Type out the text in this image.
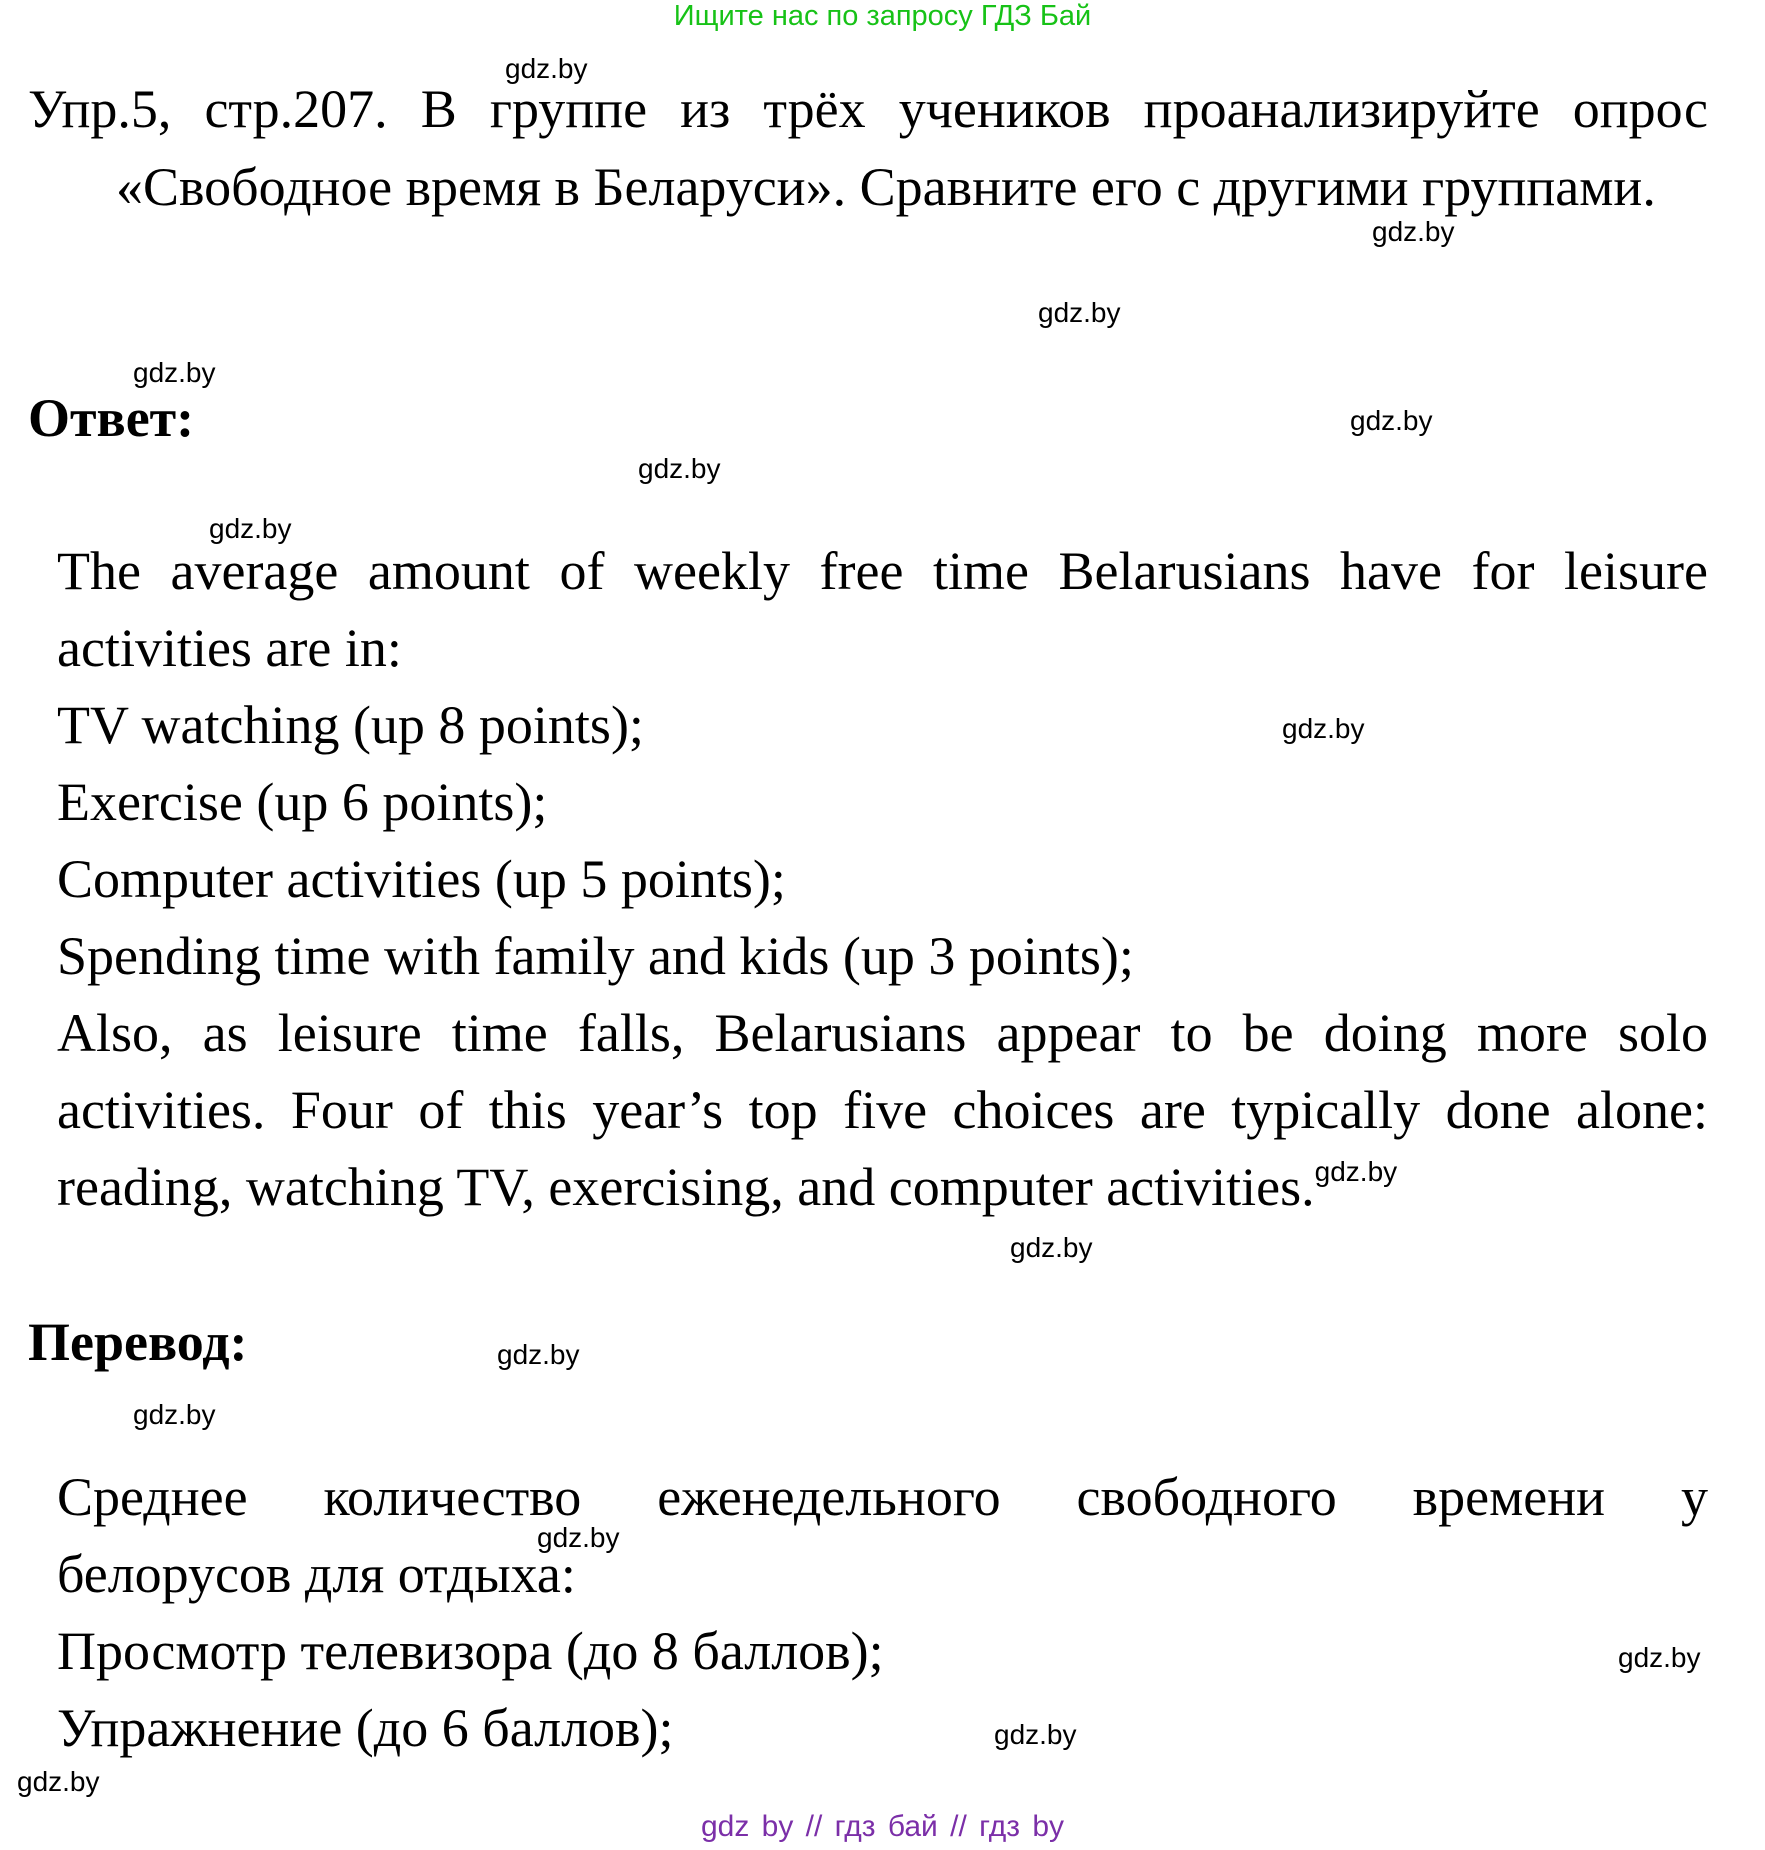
Ищите нас по запросу ГДЗ Бай
Упр.5, стр.207. В группе из трёх учеников проанализируйте опрос «Свободное время в Беларуси». Сравните его с другими группами.
Ответ:
The average amount of weekly free time Belarusians have for leisure
activities are in:
TV watching (up 8 points);
Exercise (up 6 points);
Computer activities (up 5 points);
Spending time with family and kids (up 3 points);
Also, as leisure time falls, Belarusians appear to be doing more solo
activities. Four of this year’s top five choices are typically done alone:
reading, watching TV, exercising, and computer activities.$^{gdz.by}$
Перевод:
Среднее количество еженедельного свободного времени у
белорусов для отдыха:
Просмотр телевизора (до 8 баллов);
Упражнение (до 6 баллов);
gdz.by
gdz.by
gdz.by
gdz.by
gdz.by
gdz.by
gdz.by
gdz.by
gdz.by
gdz.by
gdz.by
gdz.by
gdz.by
gdz.by
gdz.by
gdz by // гдз бай // гдз by
